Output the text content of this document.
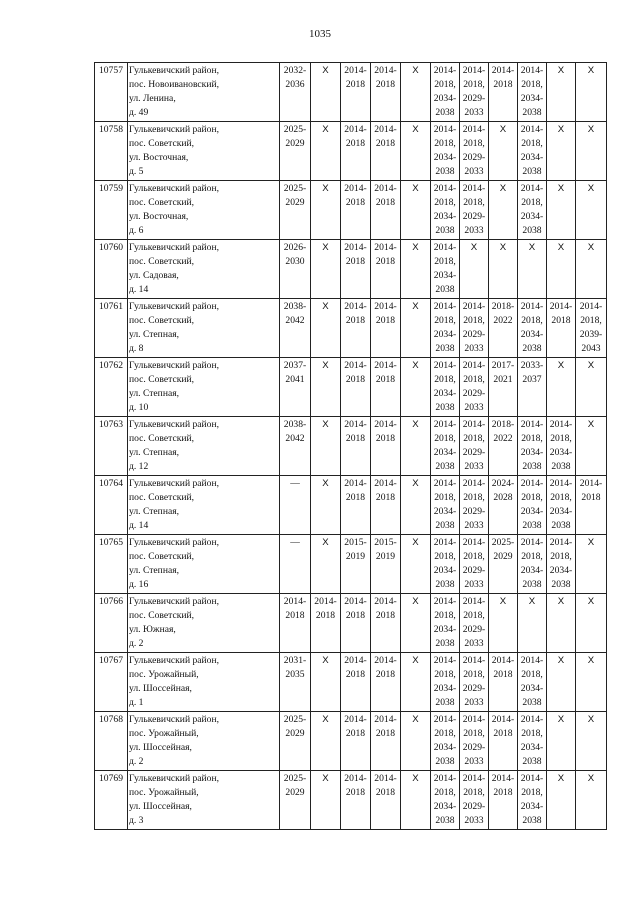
1035
10757	Гулькевичский район,
пос. Новоивановский,
ул. Ленина,
д. 49	2032-
2036	X	2014-
2018	2014-
2018	X	2014-
2018,
2034-
2038	2014-
2018,
2029-
2033	2014-
2018	2014-
2018,
2034-
2038	X	X

10758	Гулькевичский район,
пос. Советский,
ул. Восточная,
д. 5	2025-
2029	X	2014-
2018	2014-
2018	X	2014-
2018,
2034-
2038	2014-
2018,
2029-
2033	X	2014-
2018,
2034-
2038	X	X

10759	Гулькевичский район,
пос. Советский,
ул. Восточная,
д. 6	2025-
2029	X	2014-
2018	2014-
2018	X	2014-
2018,
2034-
2038	2014-
2018,
2029-
2033	X	2014-
2018,
2034-
2038	X	X

10760	Гулькевичский район,
пос. Советский,
ул. Садовая,
д. 14	2026-
2030	X	2014-
2018	2014-
2018	X	2014-
2018,
2034-
2038	X	X	X	X	X

10761	Гулькевичский район,
пос. Советский,
ул. Степная,
д. 8	2038-
2042	X	2014-
2018	2014-
2018	X	2014-
2018,
2034-
2038	2014-
2018,
2029-
2033	2018-
2022	2014-
2018,
2034-
2038	2014-
2018	2014-
2018,
2039-
2043

10762	Гулькевичский район,
пос. Советский,
ул. Степная,
д. 10	2037-
2041	X	2014-
2018	2014-
2018	X	2014-
2018,
2034-
2038	2014-
2018,
2029-
2033	2017-
2021	2033-
2037	X	X

10763	Гулькевичский район,
пос. Советский,
ул. Степная,
д. 12	2038-
2042	X	2014-
2018	2014-
2018	X	2014-
2018,
2034-
2038	2014-
2018,
2029-
2033	2018-
2022	2014-
2018,
2034-
2038	2014-
2018,
2034-
2038	X

10764	Гулькевичский район,
пос. Советский,
ул. Степная,
д. 14	—	X	2014-
2018	2014-
2018	X	2014-
2018,
2034-
2038	2014-
2018,
2029-
2033	2024-
2028	2014-
2018,
2034-
2038	2014-
2018,
2034-
2038	2014-
2018

10765	Гулькевичский район,
пос. Советский,
ул. Степная,
д. 16	—	X	2015-
2019	2015-
2019	X	2014-
2018,
2034-
2038	2014-
2018,
2029-
2033	2025-
2029	2014-
2018,
2034-
2038	2014-
2018,
2034-
2038	X

10766	Гулькевичский район,
пос. Советский,
ул. Южная,
д. 2	2014-
2018	2014-
2018	2014-
2018	2014-
2018	X	2014-
2018,
2034-
2038	2014-
2018,
2029-
2033	X	X	X	X

10767	Гулькевичский район,
пос. Урожайный,
ул. Шоссейная,
д. 1	2031-
2035	X	2014-
2018	2014-
2018	X	2014-
2018,
2034-
2038	2014-
2018,
2029-
2033	2014-
2018	2014-
2018,
2034-
2038	X	X

10768	Гулькевичский район,
пос. Урожайный,
ул. Шоссейная,
д. 2	2025-
2029	X	2014-
2018	2014-
2018	X	2014-
2018,
2034-
2038	2014-
2018,
2029-
2033	2014-
2018	2014-
2018,
2034-
2038	X	X

10769	Гулькевичский район,
пос. Урожайный,
ул. Шоссейная,
д. 3	2025-
2029	X	2014-
2018	2014-
2018	X	2014-
2018,
2034-
2038	2014-
2018,
2029-
2033	2014-
2018	2014-
2018,
2034-
2038	X	X
